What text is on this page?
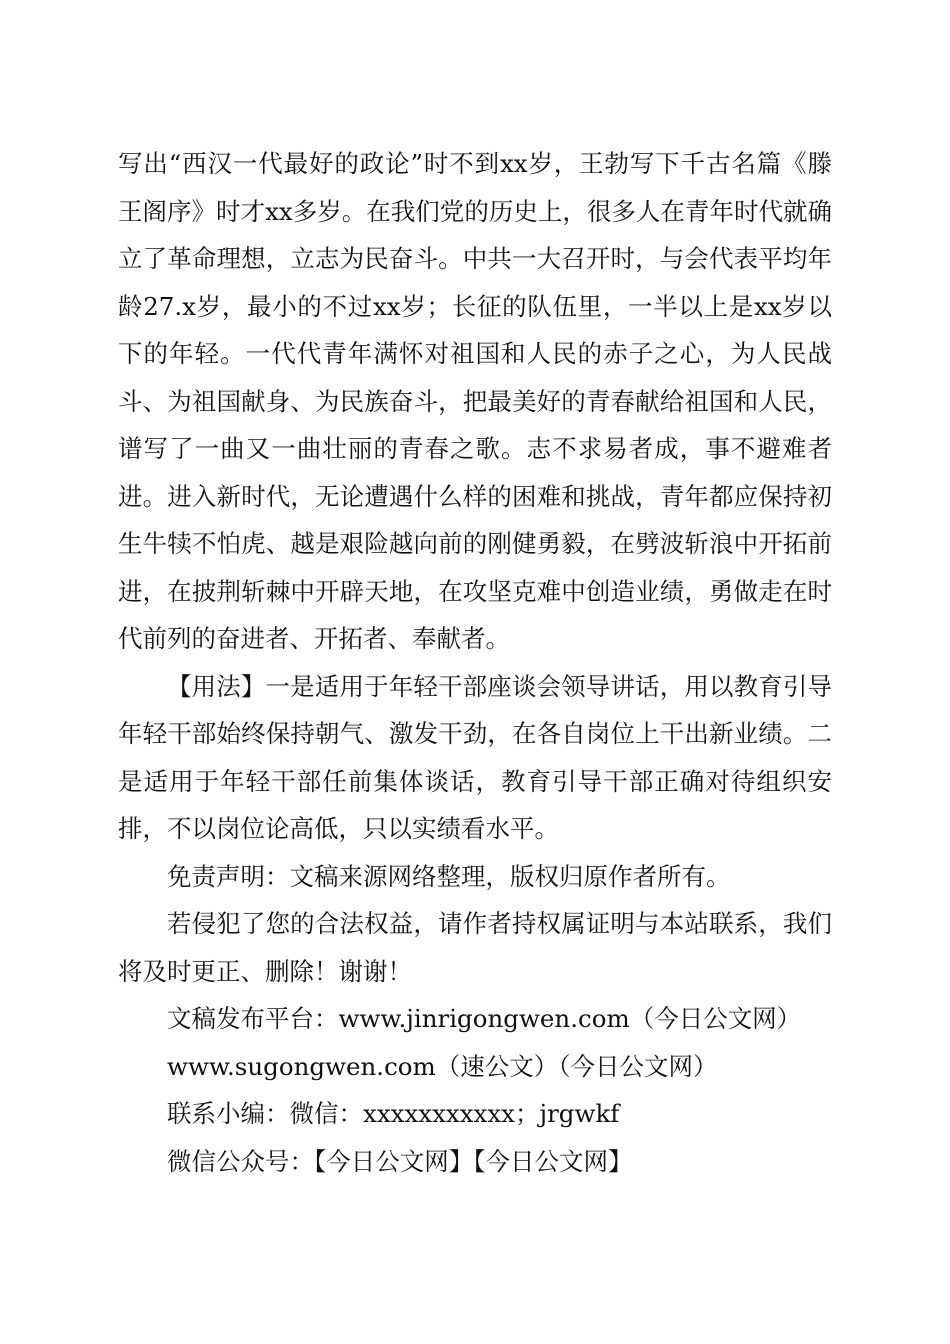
写出“西汉一代最好的政论”时不到xx岁，王勃写下千古名篇《滕王阁序》时才xx多岁。在我们党的历史上，很多人在青年时代就确立了革命理想，立志为民奋斗。中共一大召开时，与会代表平均年龄27.x岁，最小的不过xx岁；长征的队伍里，一半以上是xx岁以下的年轻。一代代青年满怀对祖国和人民的赤子之心，为人民战斗、为祖国献身、为民族奋斗，把最美好的青春献给祖国和人民，谱写了一曲又一曲壮丽的青春之歌。志不求易者成，事不避难者进。进入新时代，无论遭遇什么样的困难和挑战，青年都应保持初生牛犊不怕虎、越是艰险越向前的刚健勇毅，在劈波斩浪中开拓前进，在披荆斩棘中开辟天地，在攻坚克难中创造业绩，勇做走在时代前列的奋进者、开拓者、奉献者。

【用法】一是适用于年轻干部座谈会领导讲话，用以教育引导年轻干部始终保持朝气、激发干劲，在各自岗位上干出新业绩。二是适用于年轻干部任前集体谈话，教育引导干部正确对待组织安排，不以岗位论高低，只以实绩看水平。

免责声明：文稿来源网络整理，版权归原作者所有。

若侵犯了您的合法权益，请作者持权属证明与本站联系，我们将及时更正、删除！谢谢！

文稿发布平台：www.jinrigongwen.com（今日公文网）

www.sugongwen.com（速公文）（今日公文网）

联系小编：微信：xxxxxxxxxxx；jrgwkf

微信公众号：【今日公文网】【今日公文网】
